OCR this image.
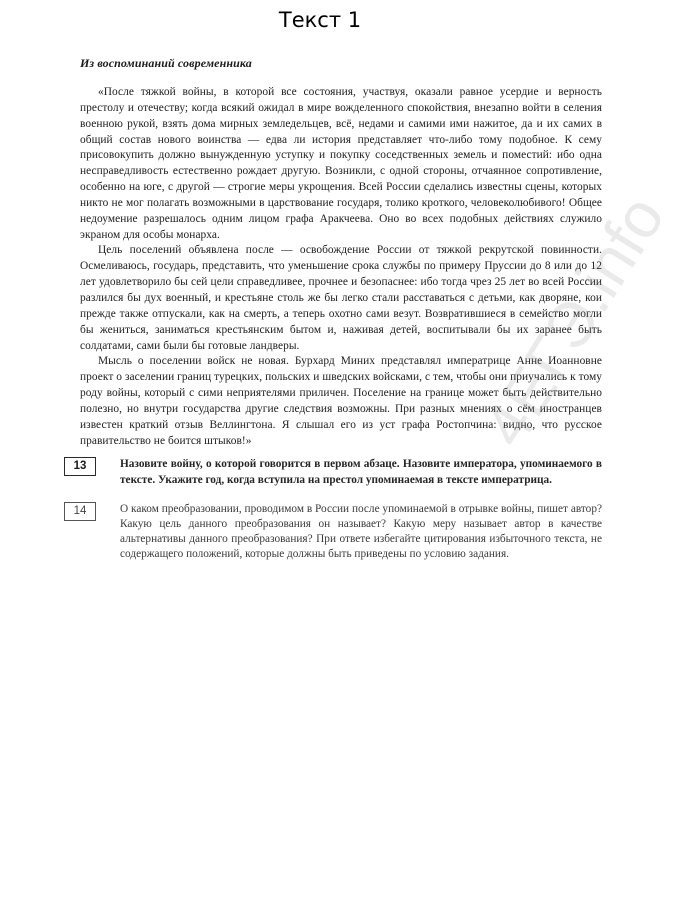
Текст 1
Из воспоминаний современника

«После тяжкой войны, в которой все состояния, участвуя, оказали равное усердие и верность престолу и отечеству; когда всякий ожидал в мире вожделенного спокойствия, внезапно войти в селения военною рукой, взять дома мирных земледельцев, всё, недами и самими ими нажитое, да и их самих в общий состав нового воинства — едва ли история представляет что-либо тому подобное. К сему присовокупить должно вынужденную уступку и покупку соседственных земель и поместий: ибо одна несправедливость естественно рождает другую. Возникли, с одной стороны, отчаянное сопротивление, особенно на юге, с другой — строгие меры укрощения. Всей России сделались известны сцены, которых никто не мог полагать возможными в царствование государя, толико кроткого, человеколюбивого! Общее недоумение разрешалось одним лицом графа Аракчеева. Оно во всех подобных действиях служило экраном для особы монарха.

Цель поселений объявлена после — освобождение России от тяжкой рекрутской повинности. Осмеливаюсь, государь, представить, что уменьшение срока службы по примеру Пруссии до 8 или до 12 лет удовлетворило бы сей цели справедливее, прочнее и безопаснее: ибо тогда чрез 25 лет во всей России разлился бы дух военный, и крестьяне столь же бы легко стали расставаться с детьми, как дворяне, кои прежде также отпускали, как на смерть, а теперь охотно сами везут. Возвратившиеся в семейство могли бы жениться, заниматься крестьянским бытом и, наживая детей, воспитывали бы их заранее быть солдатами, сами были бы готовые ландверы.

Мысль о поселении войск не новая. Бурхард Миних представлял императрице Анне Иоанновне проект о заселении границ турецких, польских и шведских войсками, с тем, чтобы они приучались к тому роду войны, который с сими неприятелями приличен. Поселение на границе может быть действительно полезно, но внутри государства другие следствия возможны. При разных мнениях о сём иностранцев известен краткий отзыв Веллингтона. Я слышал его из уст графа Ростопчина: видно, что русское правительство не боится штыков!»

13	Назовите войну, о которой говорится в первом абзаце. Назовите императора, упоминаемого в тексте. Укажите год, когда вступила на престол упоминаемая в тексте императрица.
14	О каком преобразовании, проводимом в России после упоминаемой в отрывке войны, пишет автор? Какую цель данного преобразования он называет? Какую меру называет автор в качестве альтернативы данного преобразования? При ответе избегайте цитирования избыточного текста, не содержащего положений, которые должны быть приведены по условию задания.
4ЕГЭ.info
